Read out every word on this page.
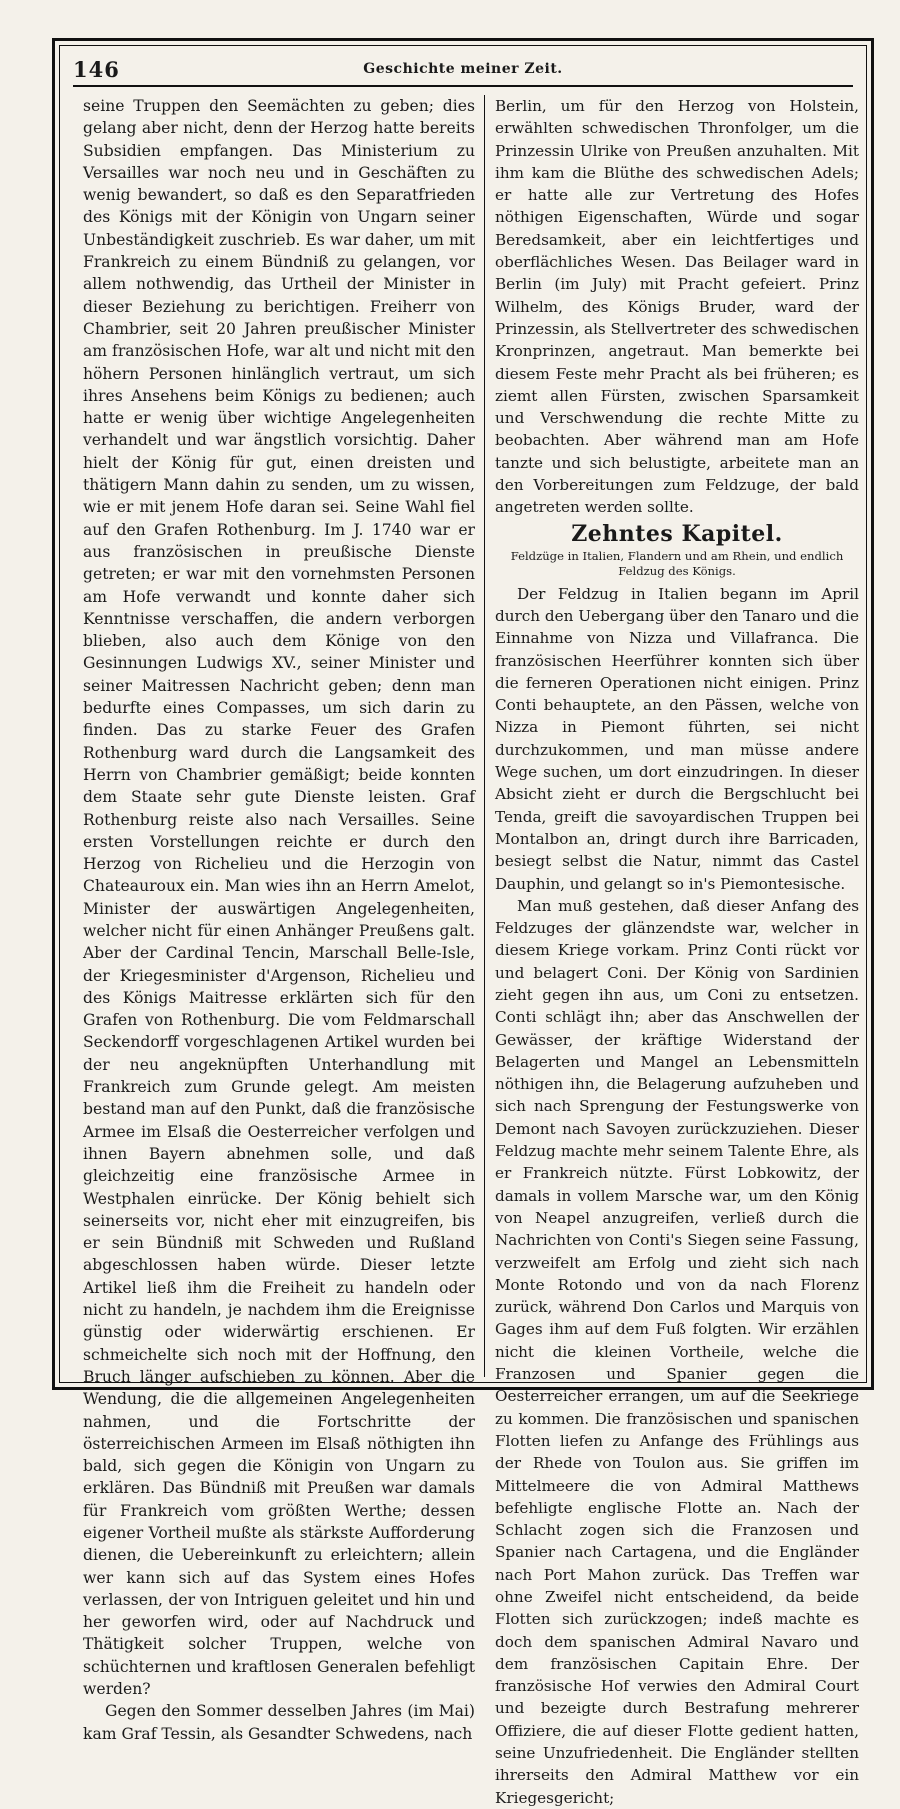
146	Geschichte meiner Zeit.

seine Truppen den Seemächten zu geben; dies gelang aber nicht, denn der Herzog hatte bereits Subsidien empfangen. Das Ministerium zu Versailles war noch neu und in Geschäften zu wenig bewandert, so daß es den Separatfrieden des Königs mit der Königin von Ungarn seiner Unbeständigkeit zuschrieb. Es war daher, um mit Frankreich zu einem Bündniß zu gelangen, vor allem nothwendig, das Urtheil der Minister in dieser Beziehung zu berichtigen. Freiherr von Chambrier, seit 20 Jahren preußischer Minister am französischen Hofe, war alt und nicht mit den höhern Personen hinlänglich vertraut, um sich ihres Ansehens beim Königs zu bedienen; auch hatte er wenig über wichtige Angelegenheiten verhandelt und war ängstlich vorsichtig. Daher hielt der König für gut, einen dreisten und thätigern Mann dahin zu senden, um zu wissen, wie er mit jenem Hofe daran sei. Seine Wahl fiel auf den Grafen Rothenburg. Im J. 1740 war er aus französischen in preußische Dienste getreten; er war mit den vornehmsten Personen am Hofe verwandt und konnte daher sich Kenntnisse verschaffen, die andern verborgen blieben, also auch dem Könige von den Gesinnungen Ludwigs XV., seiner Minister und seiner Maitressen Nachricht geben; denn man bedurfte eines Compasses, um sich darin zu finden. Das zu starke Feuer des Grafen Rothenburg ward durch die Langsamkeit des Herrn von Chambrier gemäßigt; beide konnten dem Staate sehr gute Dienste leisten. Graf Rothenburg reiste also nach Versailles. Seine ersten Vorstellungen reichte er durch den Herzog von Richelieu und die Herzogin von Chateauroux ein. Man wies ihn an Herrn Amelot, Minister der auswärtigen Angelegenheiten, welcher nicht für einen Anhänger Preußens galt. Aber der Cardinal Tencin, Marschall Belle-Isle, der Kriegesminister d'Argenson, Richelieu und des Königs Maitresse erklärten sich für den Grafen von Rothenburg. Die vom Feldmarschall Seckendorff vorgeschlagenen Artikel wurden bei der neu angeknüpften Unterhandlung mit Frankreich zum Grunde gelegt. Am meisten bestand man auf den Punkt, daß die französische Armee im Elsaß die Oesterreicher verfolgen und ihnen Bayern abnehmen solle, und daß gleichzeitig eine französische Armee in Westphalen einrücke. Der König behielt sich seinerseits vor, nicht eher mit einzugreifen, bis er sein Bündniß mit Schweden und Rußland abgeschlossen haben würde. Dieser letzte Artikel ließ ihm die Freiheit zu handeln oder nicht zu handeln, je nachdem ihm die Ereignisse günstig oder widerwärtig erschienen. Er schmeichelte sich noch mit der Hoffnung, den Bruch länger aufschieben zu können. Aber die Wendung, die die allgemeinen Angelegenheiten nahmen, und die Fortschritte der österreichischen Armeen im Elsaß nöthigten ihn bald, sich gegen die Königin von Ungarn zu erklären. Das Bündniß mit Preußen war damals für Frankreich vom größten Werthe; dessen eigener Vortheil mußte als stärkste Aufforderung dienen, die Uebereinkunft zu erleichtern; allein wer kann sich auf das System eines Hofes verlassen, der von Intriguen geleitet und hin und her geworfen wird, oder auf Nachdruck und Thätigkeit solcher Truppen, welche von schüchternen und kraftlosen Generalen befehligt werden?

Gegen den Sommer desselben Jahres (im Mai) kam Graf Tessin, als Gesandter Schwedens, nach

Berlin, um für den Herzog von Holstein, erwählten schwedischen Thronfolger, um die Prinzessin Ulrike von Preußen anzuhalten. Mit ihm kam die Blüthe des schwedischen Adels; er hatte alle zur Vertretung des Hofes nöthigen Eigenschaften, Würde und sogar Beredsamkeit, aber ein leichtfertiges und oberflächliches Wesen. Das Beilager ward in Berlin (im July) mit Pracht gefeiert. Prinz Wilhelm, des Königs Bruder, ward der Prinzessin, als Stellvertreter des schwedischen Kronprinzen, angetraut. Man bemerkte bei diesem Feste mehr Pracht als bei früheren; es ziemt allen Fürsten, zwischen Sparsamkeit und Verschwendung die rechte Mitte zu beobachten. Aber während man am Hofe tanzte und sich belustigte, arbeitete man an den Vorbereitungen zum Feldzuge, der bald angetreten werden sollte.

Zehntes Kapitel.
Feldzüge in Italien, Flandern und am Rhein, und endlich Feldzug des Königs.

Der Feldzug in Italien begann im April durch den Uebergang über den Tanaro und die Einnahme von Nizza und Villafranca. Die französischen Heerführer konnten sich über die ferneren Operationen nicht einigen. Prinz Conti behauptete, an den Pässen, welche von Nizza in Piemont führten, sei nicht durchzukommen, und man müsse andere Wege suchen, um dort einzudringen. In dieser Absicht zieht er durch die Bergschlucht bei Tenda, greift die savoyardischen Truppen bei Montalbon an, dringt durch ihre Barricaden, besiegt selbst die Natur, nimmt das Castel Dauphin, und gelangt so in's Piemontesische.

Man muß gestehen, daß dieser Anfang des Feldzuges der glänzendste war, welcher in diesem Kriege vorkam. Prinz Conti rückt vor und belagert Coni. Der König von Sardinien zieht gegen ihn aus, um Coni zu entsetzen. Conti schlägt ihn; aber das Anschwellen der Gewässer, der kräftige Widerstand der Belagerten und Mangel an Lebensmitteln nöthigen ihn, die Belagerung aufzuheben und sich nach Sprengung der Festungswerke von Demont nach Savoyen zurückzuziehen. Dieser Feldzug machte mehr seinem Talente Ehre, als er Frankreich nützte. Fürst Lobkowitz, der damals in vollem Marsche war, um den König von Neapel anzugreifen, verließ durch die Nachrichten von Conti's Siegen seine Fassung, verzweifelt am Erfolg und zieht sich nach Monte Rotondo und von da nach Florenz zurück, während Don Carlos und Marquis von Gages ihm auf dem Fuß folgten. Wir erzählen nicht die kleinen Vortheile, welche die Franzosen und Spanier gegen die Oesterreicher errangen, um auf die Seekriege zu kommen. Die französischen und spanischen Flotten liefen zu Anfange des Frühlings aus der Rhede von Toulon aus. Sie griffen im Mittelmeere die von Admiral Matthews befehligte englische Flotte an. Nach der Schlacht zogen sich die Franzosen und Spanier nach Cartagena, und die Engländer nach Port Mahon zurück. Das Treffen war ohne Zweifel nicht entscheidend, da beide Flotten sich zurückzogen; indeß machte es doch dem spanischen Admiral Navaro und dem französischen Capitain Ehre. Der französische Hof verwies den Admiral Court und bezeigte durch Bestrafung mehrerer Offiziere, die auf dieser Flotte gedient hatten, seine Unzufriedenheit. Die Engländer stellten ihrerseits den Admiral Matthew vor ein Kriegesgericht;
